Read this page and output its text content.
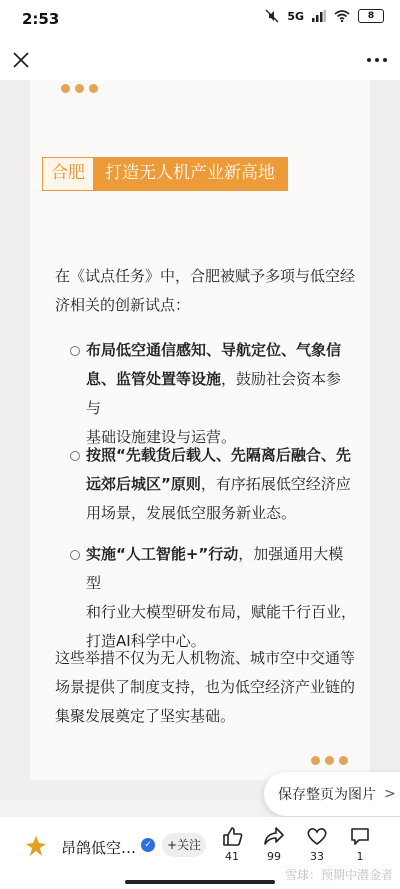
2:53	5G	8
合肥	打造无人机产业新高地
在《试点任务》中，合肥被赋予多项与低空经
济相关的创新试点：
布局低空通信感知、导航定位、气象信
息、监管处置等设施，鼓励社会资本参与
基础设施建设与运营。
按照“先载货后载人、先隔离后融合、先
远郊后城区”原则，有序拓展低空经济应
用场景，发展低空服务新业态。
实施“人工智能+”行动，加强通用大模型
和行业大模型研发布局，赋能千行百业，
打造AI科学中心。
这些举措不仅为无人机物流、城市空中交通等
场景提供了制度支持，也为低空经济产业链的
集聚发展奠定了坚实基础。
保存整页为图片 >
昂鸽低空… ✓	+关注
41	99	33	1
雪球：预期中潜金者
